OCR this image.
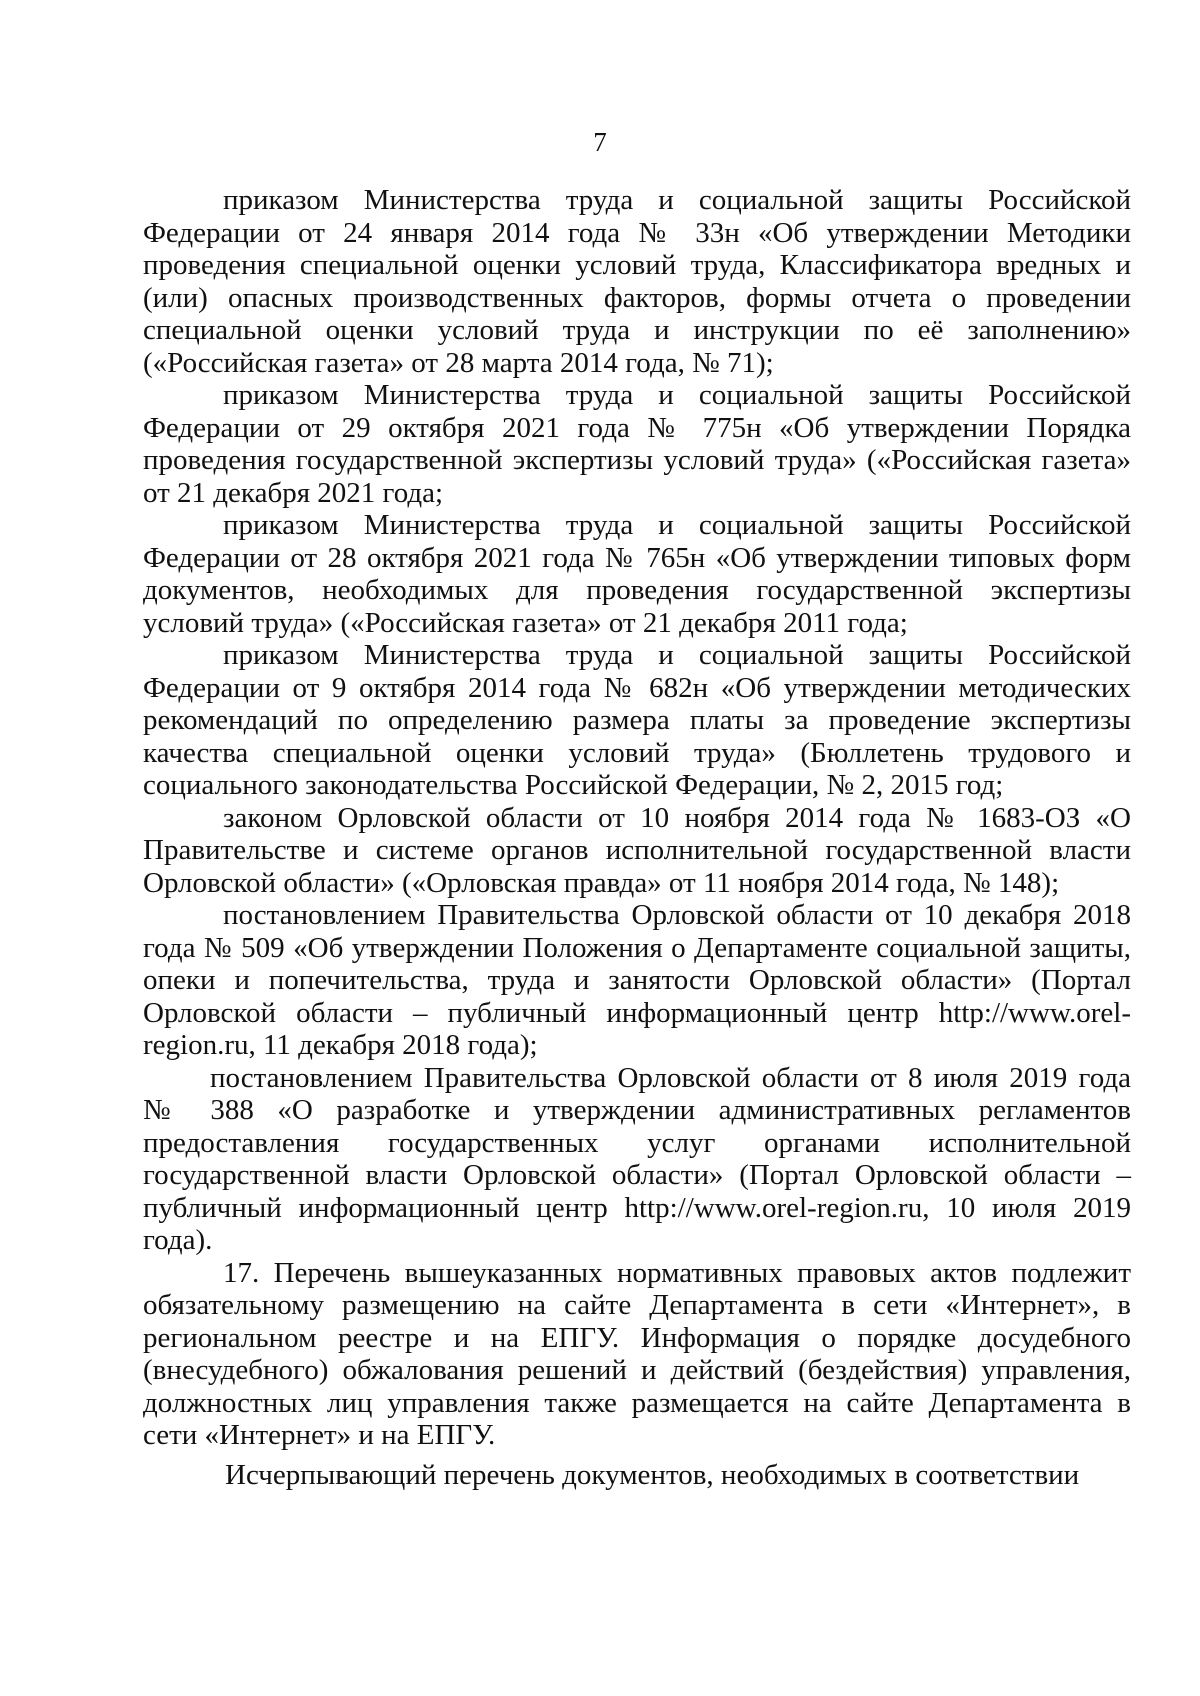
7

приказом Министерства труда и социальной защиты Российской Федерации от 24 января 2014 года № 33н «Об утверждении Методики проведения специальной оценки условий труда, Классификатора вредных и (или) опасных производственных факторов, формы отчета о проведении специальной оценки условий труда и инструкции по её заполнению» («Российская газета» от 28 марта 2014 года, № 71);

приказом Министерства труда и социальной защиты Российской Федерации от 29 октября 2021 года № 775н «Об утверждении Порядка проведения государственной экспертизы условий труда» («Российская газета» от 21 декабря 2021 года;

приказом Министерства труда и социальной защиты Российской Федерации от 28 октября 2021 года № 765н «Об утверждении типовых форм документов, необходимых для проведения государственной экспертизы условий труда» («Российская газета» от 21 декабря 2011 года;

приказом Министерства труда и социальной защиты Российской Федерации от 9 октября 2014 года № 682н «Об утверждении методических рекомендаций по определению размера платы за проведение экспертизы качества специальной оценки условий труда» (Бюллетень трудового и социального законодательства Российской Федерации, № 2, 2015 год;

законом Орловской области от 10 ноября 2014 года № 1683-ОЗ «О Правительстве и системе органов исполнительной государственной власти Орловской области» («Орловская правда» от 11 ноября 2014 года, № 148);

постановлением Правительства Орловской области от 10 декабря 2018 года № 509 «Об утверждении Положения о Департаменте социальной защиты, опеки и попечительства, труда и занятости Орловской области» (Портал Орловской области – публичный информационный центр http://www.orel-region.ru, 11 декабря 2018 года);

постановлением Правительства Орловской области от 8 июля 2019 года № 388 «О разработке и утверждении административных регламентов предоставления государственных услуг органами исполнительной государственной власти Орловской области» (Портал Орловской области – публичный информационный центр http://www.orel-region.ru, 10 июля 2019 года).

17. Перечень вышеуказанных нормативных правовых актов подлежит обязательному размещению на сайте Департамента в сети «Интернет», в региональном реестре и на ЕПГУ. Информация о порядке досудебного (внесудебного) обжалования решений и действий (бездействия) управления, должностных лиц управления также размещается на сайте Департамента в сети «Интернет» и на ЕПГУ.

Исчерпывающий перечень документов, необходимых в соответствии
